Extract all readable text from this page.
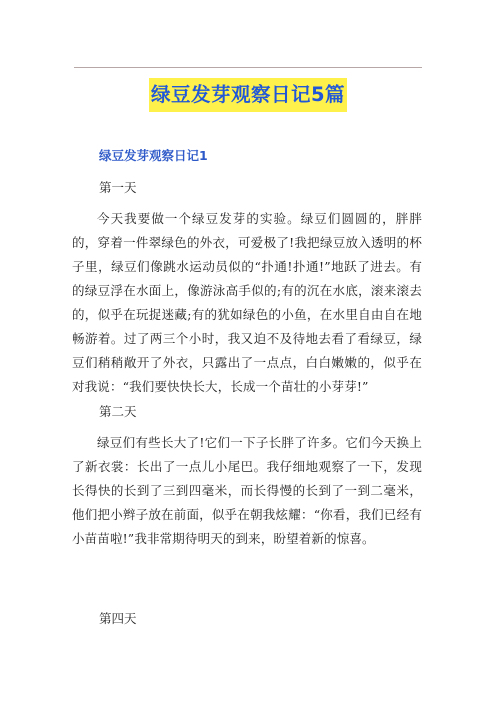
绿豆发芽观察日记5篇

绿豆发芽观察日记1

第一天

今天我要做一个绿豆发芽的实验。绿豆们圆圆的，胖胖的，穿着一件翠绿色的外衣，可爱极了!我把绿豆放入透明的杯子里，绿豆们像跳水运动员似的“扑通!扑通!”地跃了进去。有的绿豆浮在水面上，像游泳高手似的;有的沉在水底，滚来滚去的，似乎在玩捉迷藏;有的犹如绿色的小鱼，在水里自由自在地畅游着。过了两三个小时，我又迫不及待地去看了看绿豆，绿豆们稍稍敞开了外衣，只露出了一点点，白白嫩嫩的，似乎在对我说：“我们要快快长大，长成一个苗壮的小芽芽!”

第二天

绿豆们有些长大了!它们一下子长胖了许多。它们今天换上了新衣裳：长出了一点儿小尾巴。我仔细地观察了一下，发现长得快的长到了三到四毫米，而长得慢的长到了一到二毫米，他们把小辫子放在前面，似乎在朝我炫耀：“你看，我们已经有小苗苗啦!”我非常期待明天的到来，盼望着新的惊喜。

第四天
